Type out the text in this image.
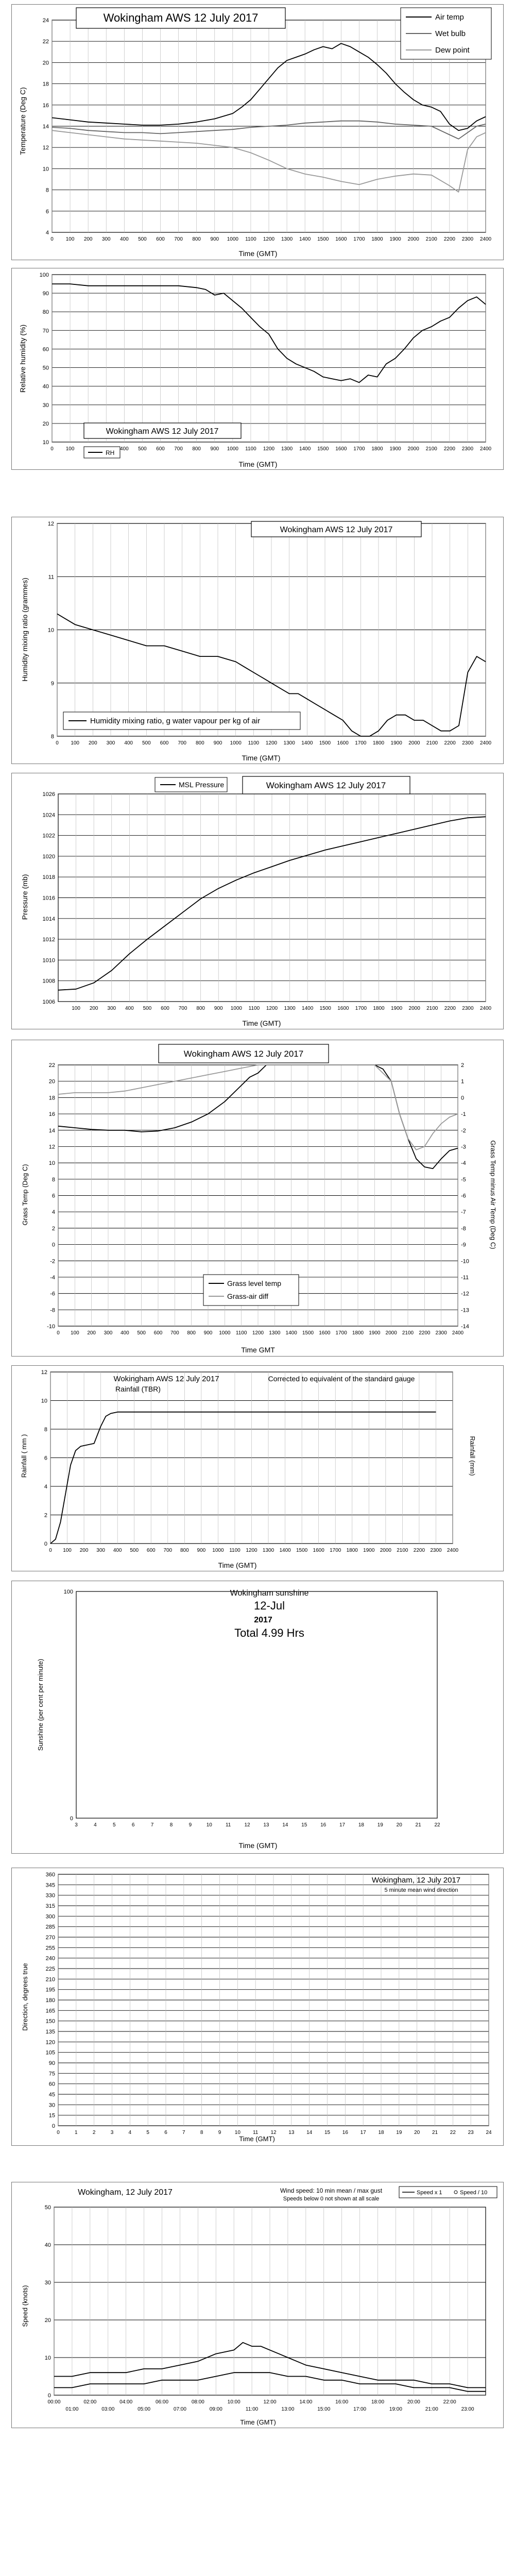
4
6
8
10
12
14
16
18
20
22
24
0 100 200 300 400 500 600 700 800 900 1000 1100 1200 1300 1400 1500 1600 1700 1800 1900 2000 2100 2200 2300 2400
Wokingham AWS 12 July 2017	Air temp
Wet bulb
Dew point
Time (GMT)
Temperature (Deg C)
10
20
30
40
50
60
70
80
90
100
0 100	400 500 600 700 800 900 1000 1100 1200 1300 1400 1500 1600 1700 1800 1900 2000 2100 2200 2300 2400
RH
Wokingham AWS 12 July 2017
Time (GMT)
Relative humidity (%)
8
9
10
11
12
0 100 200 300 400 500 600 700 800 900 1000 1100 1200 1300 1400 1500 1600 1700 1800 1900 2000 2100 2200 2300 2400
Wokingham AWS 12 July 2017
Humidity mixing ratio, g water vapour per kg of air
Time (GMT)
Humidity mixing ratio (grammes)
1006
1008
1010
1012
1014
1016
1018
1020
1022
1024
1026
100 200 300 400 500 600 700 800 900 1000 1100 1200 1300 1400 1500 1600 1700 1800 1900 2000 2100 2200 2300 2400
MSL Pressure	Wokingham AWS 12 July 2017
Time (GMT)
Pressure (mb)
-10
-8
-6
-4
-2
0
2
4
6
8
10
12
14
16
18
20
22
-14
-13
-12
-11
-10
-9
-8
-7
-6
-5
-4
-3
-2
-1
0
1
2
0 100 200 300 400 500 600 700 800 900 1000 1100 1200 1300 1400 1500 1600 1700 1800 1900 2000 2100 2200 2300 2400
Wokingham AWS 12 July 2017
Grass level temp
Grass-air diff
Time GMT
Grass Temp (Deg C)	Grass Temp minus Air Temp (Deg C)
0
2
4
6
8
10
12
0 100 200 300 400 500 600 700 800 900 1000 1100 1200 1300 1400 1500 1600 1700 1800 1900 2000 2100 2200 2300 2400
Wokingham AWS 12 July 2017
Rainfall (TBR)
Corrected to equivalent of the standard gauge
Time (GMT)
Rainfall ( mm )	Rainfall (mm)
0
100
3	4	5	6	7	8	9	10	11	12	13	14	15	16	17	18	19	20	21	22
Wokingham sunshine
12-Jul
2017
Total 4.99 Hrs
Time (GMT)
Sunshine (per cent per minute)
0
15
30
45
60
75
90
105
120
135
150
165
180
195
210
225
240
255
270
285
300
315
330
345
360
0	1	2	3	4	5	6	7	8	9	10 11 12 13 14 15 16 17 18 19 20 21 22 23 24
Wokingham, 12 July 2017
5 minute mean wind direction
Time (GMT)
Direction, degrees true
0
10
20
30
40
50
00:00	02:00	04:00	06:00	08:00	10:00	12:00	14:00	16:00	18:00	20:00	22:00
01:00	03:00	05:00	07:00	09:00	11:00	13:00	15:00	17:00	19:00	21:00	23:00
Wokingham, 12 July 2017	Wind speed: 10 min mean / max gust
Speeds below 0 not shown at all scale
Speed x 1	Speed / 10
Time (GMT)
Speed (knots)
